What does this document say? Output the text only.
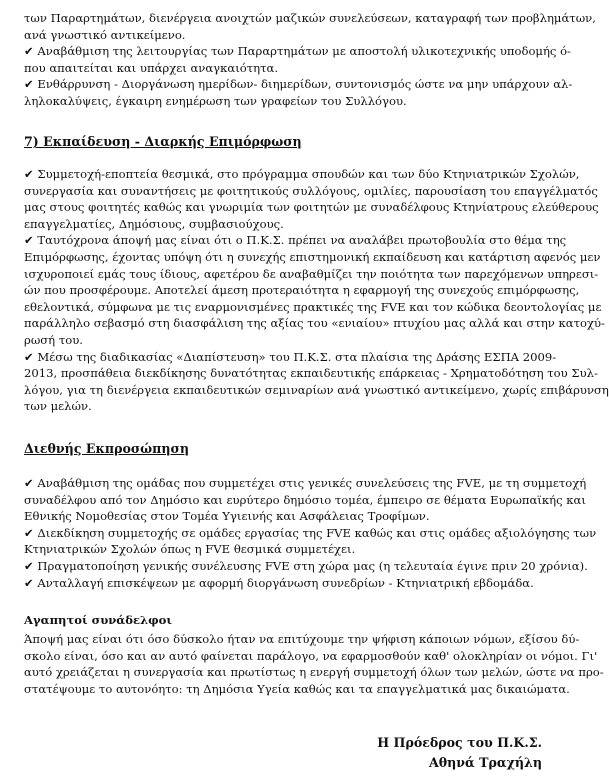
των Παραρτημάτων, διενέργεια ανοιχτών μαζικών συνελεύσεων, καταγραφή των προβλημάτων,
ανά γνωστικό αντικείμενο.
✔ Αναβάθμιση της λειτουργίας των Παραρτημάτων με αποστολή υλικοτεχνικής υποδομής ό-
που απαιτείται και υπάρχει αναγκαιότητα.
✔ Ενθάρρυνση - Διοργάνωση ημερίδων- διημερίδων, συντονισμός ώστε να μην υπάρχουν αλ-
ληλοκαλύψεις, έγκαιρη ενημέρωση των γραφείων του Συλλόγου.
7) Εκπαίδευση - Διαρκής Επιμόρφωση
✔ Συμμετοχή-εποπτεία θεσμικά, στο πρόγραμμα σπουδών και των δύο Κτηνιατρικών Σχολών,
συνεργασία και συναντήσεις με φοιτητικούς συλλόγους, ομιλίες, παρουσίαση του επαγγέλματός
μας στους φοιτητές καθώς και γνωριμία των φοιτητών με συναδέλφους Κτηνίατρους ελεύθερους
επαγγελματίες, Δημόσιους, συμβασιούχους.
✔ Ταυτόχρονα άποψή μας είναι ότι ο Π.Κ.Σ. πρέπει να αναλάβει πρωτοβουλία στο θέμα της
Επιμόρφωσης, έχοντας υπόψη ότι η συνεχής επιστημονική εκπαίδευση και κατάρτιση αφενός μεν
ισχυροποιεί εμάς τους ίδιους, αφετέρου δε αναβαθμίζει την ποιότητα των παρεχόμενων υπηρεσι-
ών που προσφέρουμε. Αποτελεί άμεση προτεραιότητα η εφαρμογή της συνεχούς επιμόρφωσης,
εθελοντικά, σύμφωνα με τις εναρμονισμένες πρακτικές της FVE και τον κώδικα δεοντολογίας με
παράλληλο σεβασμό στη διασφάλιση της αξίας του «ενιαίου» πτυχίου μας αλλά και στην κατοχύ-
ρωσή του.
✔ Μέσω της διαδικασίας «Διαπίστευση» του Π.Κ.Σ. στα πλαίσια της Δράσης ΕΣΠΑ 2009-
2013, προσπάθεια διεκδίκησης δυνατότητας εκπαιδευτικής επάρκειας - Χρηματοδότηση του Συλ-
λόγου, για τη διενέργεια εκπαιδευτικών σεμιναρίων ανά γνωστικό αντικείμενο, χωρίς επιβάρυνση
των μελών.
Διεθνής Εκπροσώπηση
✔ Αναβάθμιση της ομάδας που συμμετέχει στις γενικές συνελεύσεις της FVE, με τη συμμετοχή
συναδέλφου από τον Δημόσιο και ευρύτερο δημόσιο τομέα, έμπειρο σε θέματα Ευρωπαϊκής και
Εθνικής Νομοθεσίας στον Τομέα Υγιεινής και Ασφάλειας Τροφίμων.
✔ Διεκδίκηση συμμετοχής σε ομάδες εργασίας της FVE καθώς και στις ομάδες αξιολόγησης των
Κτηνιατρικών Σχολών όπως η FVE θεσμικά συμμετέχει.
✔ Πραγματοποίηση γενικής συνέλευσης FVE στη χώρα μας (η τελευταία έγινε πριν 20 χρόνια).
✔ Ανταλλαγή επισκέψεων με αφορμή διοργάνωση συνεδρίων - Κτηνιατρική εβδομάδα.
Αγαπητοί συνάδελφοι
Άποψή μας είναι ότι όσο δύσκολο ήταν να επιτύχουμε την ψήφιση κάποιων νόμων, εξίσου δύ-
σκολο είναι, όσο και αν αυτό φαίνεται παράλογο, να εφαρμοσθούν καθ' ολοκληρίαν οι νόμοι. Γι'
αυτό χρειάζεται η συνεργασία και πρωτίστως η ενεργή συμμετοχή όλων των μελών, ώστε να προ-
στατέψουμε το αυτονόητο: τη Δημόσια Υγεία καθώς και τα επαγγελματικά μας δικαιώματα.
Η Πρόεδρος του Π.Κ.Σ.
Αθηνά Τραχήλη
